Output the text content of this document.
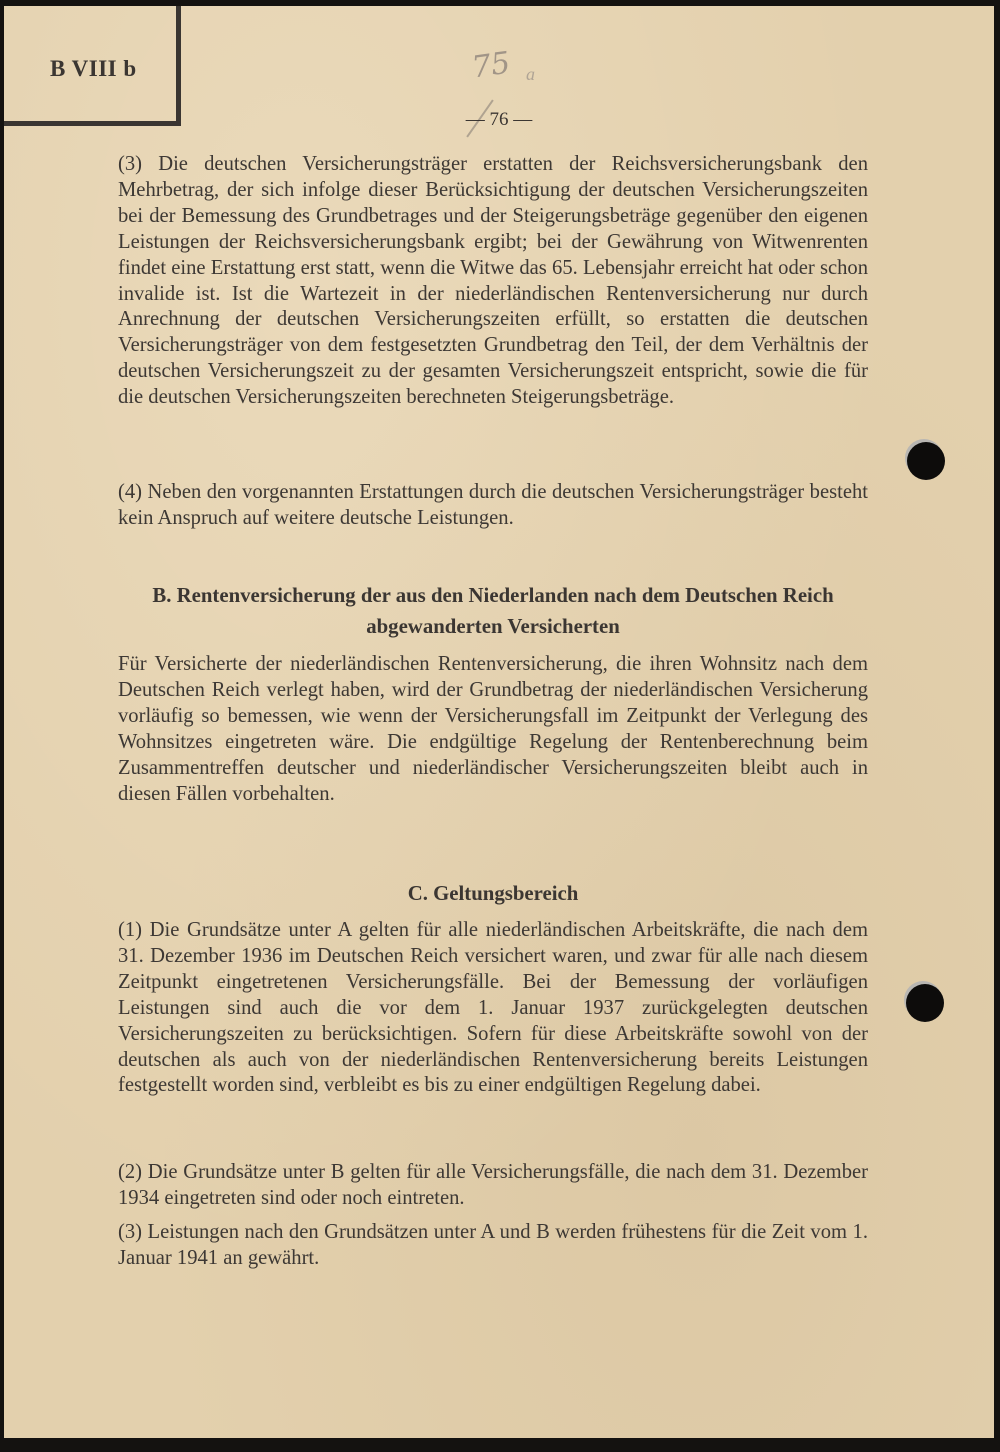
B VIII b	75 a
— 76 —

(3) Die deutschen Versicherungsträger erstatten der Reichsversicherungsbank den Mehrbetrag, der sich infolge dieser Berücksichtigung der deutschen Versicherungszeiten bei der Bemessung des Grundbetrages und der Steigerungsbeträge gegenüber den eigenen Leistungen der Reichsversicherungsbank ergibt; bei der Gewährung von Witwenrenten findet eine Erstattung erst statt, wenn die Witwe das 65. Lebensjahr erreicht hat oder schon invalide ist. Ist die Wartezeit in der niederländischen Rentenversicherung nur durch Anrechnung der deutschen Versicherungszeiten erfüllt, so erstatten die deutschen Versicherungsträger von dem festgesetzten Grundbetrag den Teil, der dem Verhältnis der deutschen Versicherungszeit zu der gesamten Versicherungszeit entspricht, sowie die für die deutschen Versicherungszeiten berechneten Steigerungsbeträge.

(4) Neben den vorgenannten Erstattungen durch die deutschen Versicherungsträger besteht kein Anspruch auf weitere deutsche Leistungen.

B. Rentenversicherung der aus den Niederlanden nach dem Deutschen Reich
abgewanderten Versicherten

Für Versicherte der niederländischen Rentenversicherung, die ihren Wohnsitz nach dem Deutschen Reich verlegt haben, wird der Grundbetrag der niederländischen Versicherung vorläufig so bemessen, wie wenn der Versicherungsfall im Zeitpunkt der Verlegung des Wohnsitzes eingetreten wäre. Die endgültige Regelung der Rentenberechnung beim Zusammentreffen deutscher und niederländischer Versicherungszeiten bleibt auch in diesen Fällen vorbehalten.

C. Geltungsbereich

(1) Die Grundsätze unter A gelten für alle niederländischen Arbeitskräfte, die nach dem 31. Dezember 1936 im Deutschen Reich versichert waren, und zwar für alle nach diesem Zeitpunkt eingetretenen Versicherungsfälle. Bei der Bemessung der vorläufigen Leistungen sind auch die vor dem 1. Januar 1937 zurückgelegten deutschen Versicherungszeiten zu berücksichtigen. Sofern für diese Arbeitskräfte sowohl von der deutschen als auch von der niederländischen Rentenversicherung bereits Leistungen festgestellt worden sind, verbleibt es bis zu einer endgültigen Regelung dabei.

(2) Die Grundsätze unter B gelten für alle Versicherungsfälle, die nach dem 31. Dezember 1934 eingetreten sind oder noch eintreten.

(3) Leistungen nach den Grundsätzen unter A und B werden frühestens für die Zeit vom 1. Januar 1941 an gewährt.
